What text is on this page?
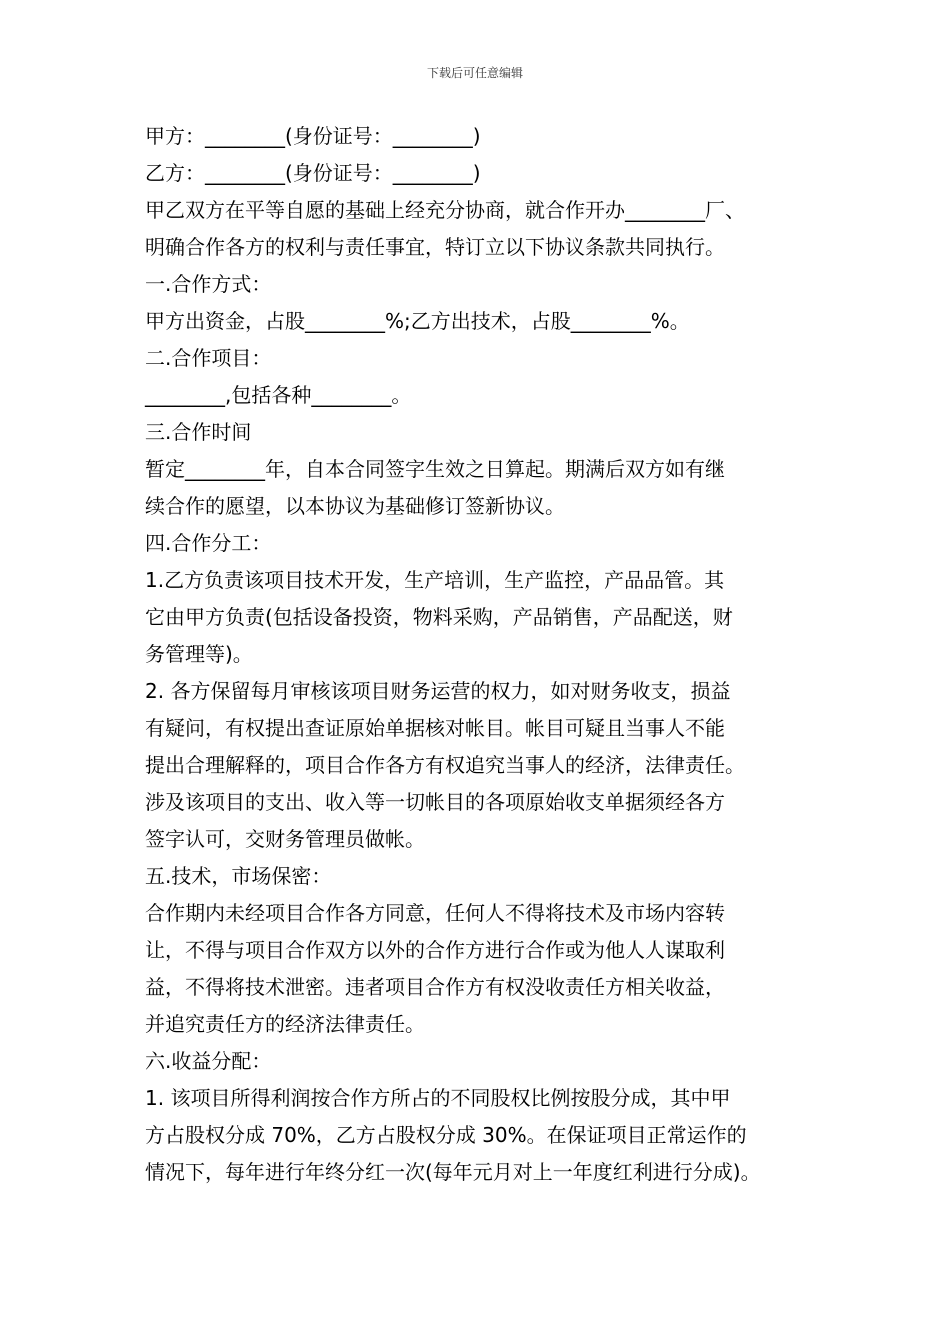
下载后可任意编辑

甲方：________(身份证号：________)

乙方：________(身份证号：________)

甲乙双方在平等自愿的基础上经充分协商，就合作开办________厂、

明确合作各方的权利与责任事宜，特订立以下协议条款共同执行。

一.合作方式：

甲方出资金，占股________%;乙方出技术，占股________%。

二.合作项目：

________,包括各种________。

三.合作时间

暂定________年，自本合同签字生效之日算起。期满后双方如有继

续合作的愿望，以本协议为基础修订签新协议。

四.合作分工：

1.乙方负责该项目技术开发，生产培训，生产监控，产品品管。其

它由甲方负责(包括设备投资，物料采购，产品销售，产品配送，财

务管理等)。

2. 各方保留每月审核该项目财务运营的权力，如对财务收支，损益

有疑问，有权提出查证原始单据核对帐目。帐目可疑且当事人不能

提出合理解释的，项目合作各方有权追究当事人的经济，法律责任。

涉及该项目的支出、收入等一切帐目的各项原始收支单据须经各方

签字认可，交财务管理员做帐。

五.技术，市场保密：

合作期内未经项目合作各方同意，任何人不得将技术及市场内容转

让，不得与项目合作双方以外的合作方进行合作或为他人人谋取利

益，不得将技术泄密。违者项目合作方有权没收责任方相关收益，

并追究责任方的经济法律责任。

六.收益分配：

1. 该项目所得利润按合作方所占的不同股权比例按股分成，其中甲

方占股权分成 70%，乙方占股权分成 30%。在保证项目正常运作的

情况下，每年进行年终分红一次(每年元月对上一年度红利进行分成)。
